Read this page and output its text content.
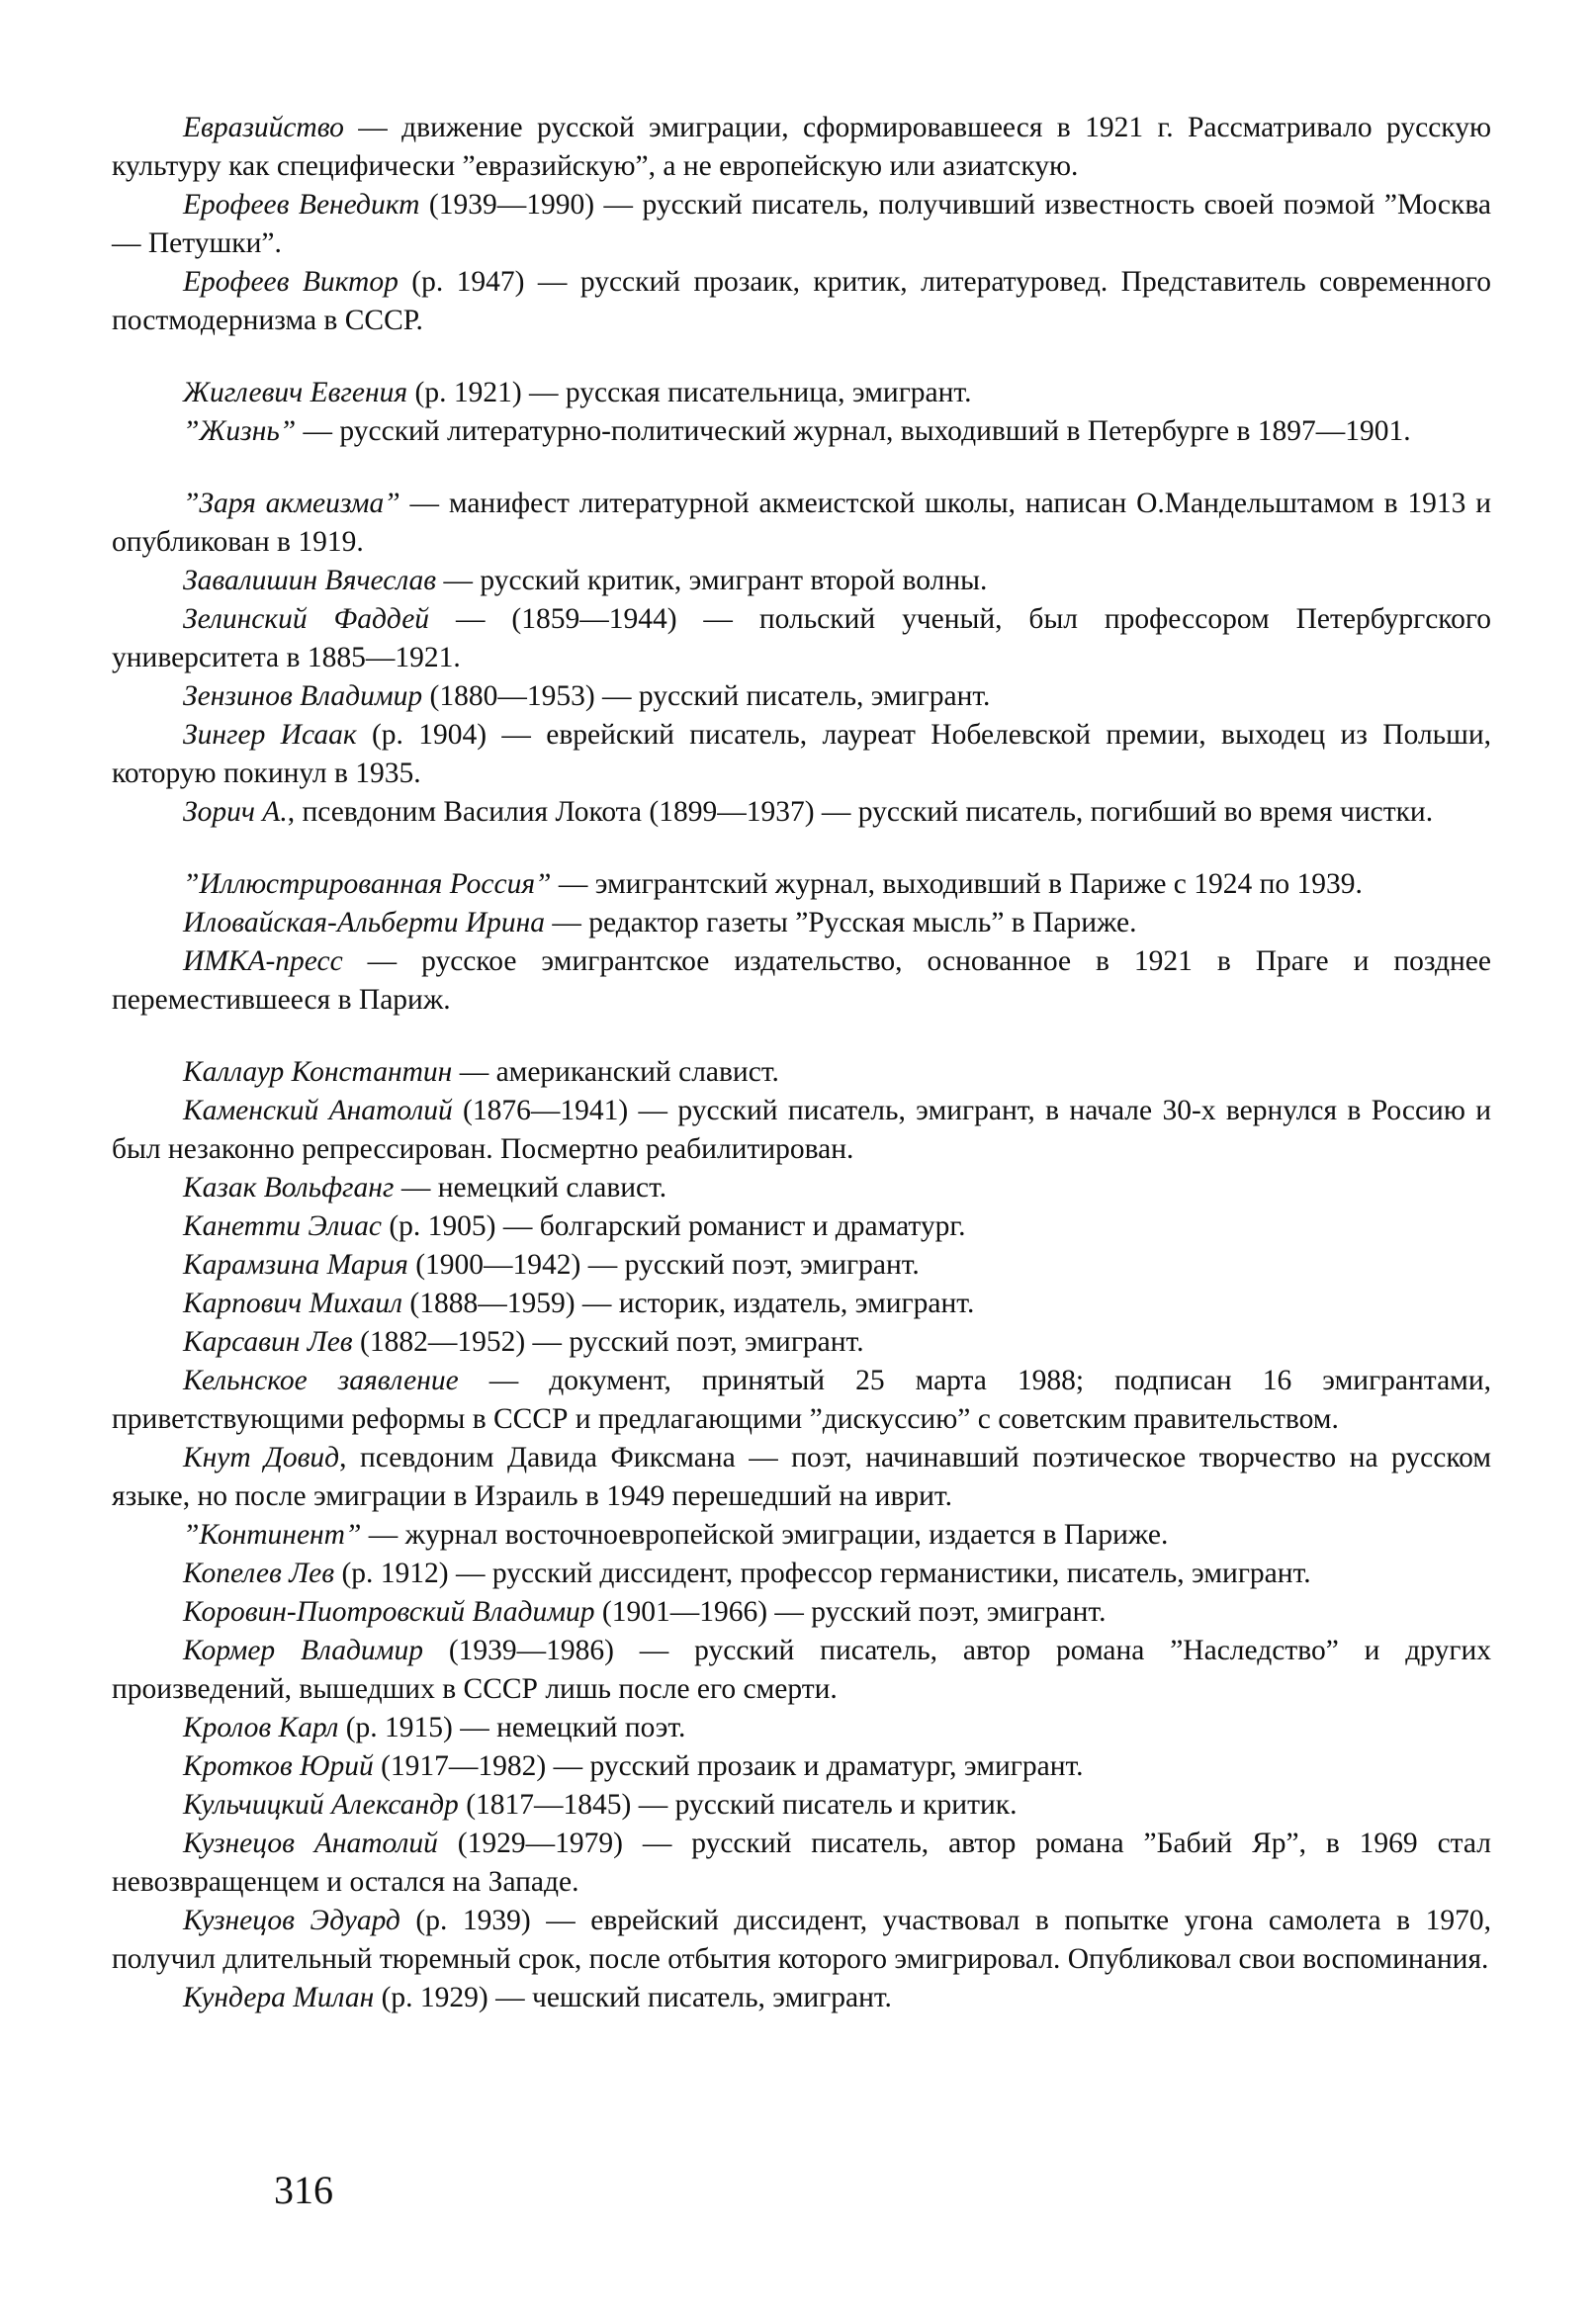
Евразийство — движение русской эмиграции, сформировавшееся в 1921 г. Рассматривало русскую культуру как специфически ”евразийскую”, а не европейскую или азиатскую.

Ерофеев Венедикт (1939—1990) — русский писатель, получивший известность своей поэмой ”Москва — Петушки”.

Ерофеев Виктор (р. 1947) — русский прозаик, критик, литературовед. Представитель современного постмодернизма в СССР.

Жиглевич Евгения (р. 1921) — русская писательница, эмигрант.

”Жизнь” — русский литературно-политический журнал, выходивший в Петербурге в 1897—1901.

”Заря акмеизма” — манифест литературной акмеистской школы, написан О.Мандельштамом в 1913 и опубликован в 1919.

Завалишин Вячеслав — русский критик, эмигрант второй волны.

Зелинский Фаддей — (1859—1944) — польский ученый, был профессором Петербургского университета в 1885—1921.

Зензинов Владимир (1880—1953) — русский писатель, эмигрант.

Зингер Исаак (р. 1904) — еврейский писатель, лауреат Нобелевской премии, выходец из Польши, которую покинул в 1935.

Зорич А., псевдоним Василия Локота (1899—1937) — русский писатель, погибший во время чистки.

”Иллюстрированная Россия” — эмигрантский журнал, выходивший в Париже с 1924 по 1939.

Иловайская-Альберти Ирина — редактор газеты ”Русская мысль” в Париже.

ИМКА-пресс — русское эмигрантское издательство, основанное в 1921 в Праге и позднее переместившееся в Париж.

Каллаур Константин — американский славист.

Каменский Анатолий (1876—1941) — русский писатель, эмигрант, в начале 30-х вернулся в Россию и был незаконно репрессирован. Посмертно реабилитирован.

Казак Вольфганг — немецкий славист.

Канетти Элиас (р. 1905) — болгарский романист и драматург.

Карамзина Мария (1900—1942) — русский поэт, эмигрант.

Карпович Михаил (1888—1959) — историк, издатель, эмигрант.

Карсавин Лев (1882—1952) — русский поэт, эмигрант.

Кельнское заявление — документ, принятый 25 марта 1988; подписан 16 эмигрантами, приветствующими реформы в СССР и предлагающими ”дискуссию” с советским правительством.

Кнут Довид, псевдоним Давида Фиксмана — поэт, начинавший поэтическое творчество на русском языке, но после эмиграции в Израиль в 1949 перешедший на иврит.

”Континент” — журнал восточноевропейской эмиграции, издается в Париже.

Копелев Лев (р. 1912) — русский диссидент, профессор германистики, писатель, эмигрант.

Коровин-Пиотровский Владимир (1901—1966) — русский поэт, эмигрант.

Кормер Владимир (1939—1986) — русский писатель, автор романа ”Наследство” и других произведений, вышедших в СССР лишь после его смерти.

Кролов Карл (р. 1915) — немецкий поэт.

Кротков Юрий (1917—1982) — русский прозаик и драматург, эмигрант.

Кульчицкий Александр (1817—1845) — русский писатель и критик.

Кузнецов Анатолий (1929—1979) — русский писатель, автор романа ”Бабий Яр”, в 1969 стал невозвращенцем и остался на Западе.

Кузнецов Эдуард (р. 1939) — еврейский диссидент, участвовал в попытке угона самолета в 1970, получил длительный тюремный срок, после отбытия которого эмигрировал. Опубликовал свои воспоминания.

Кундера Милан (р. 1929) — чешский писатель, эмигрант.

316
